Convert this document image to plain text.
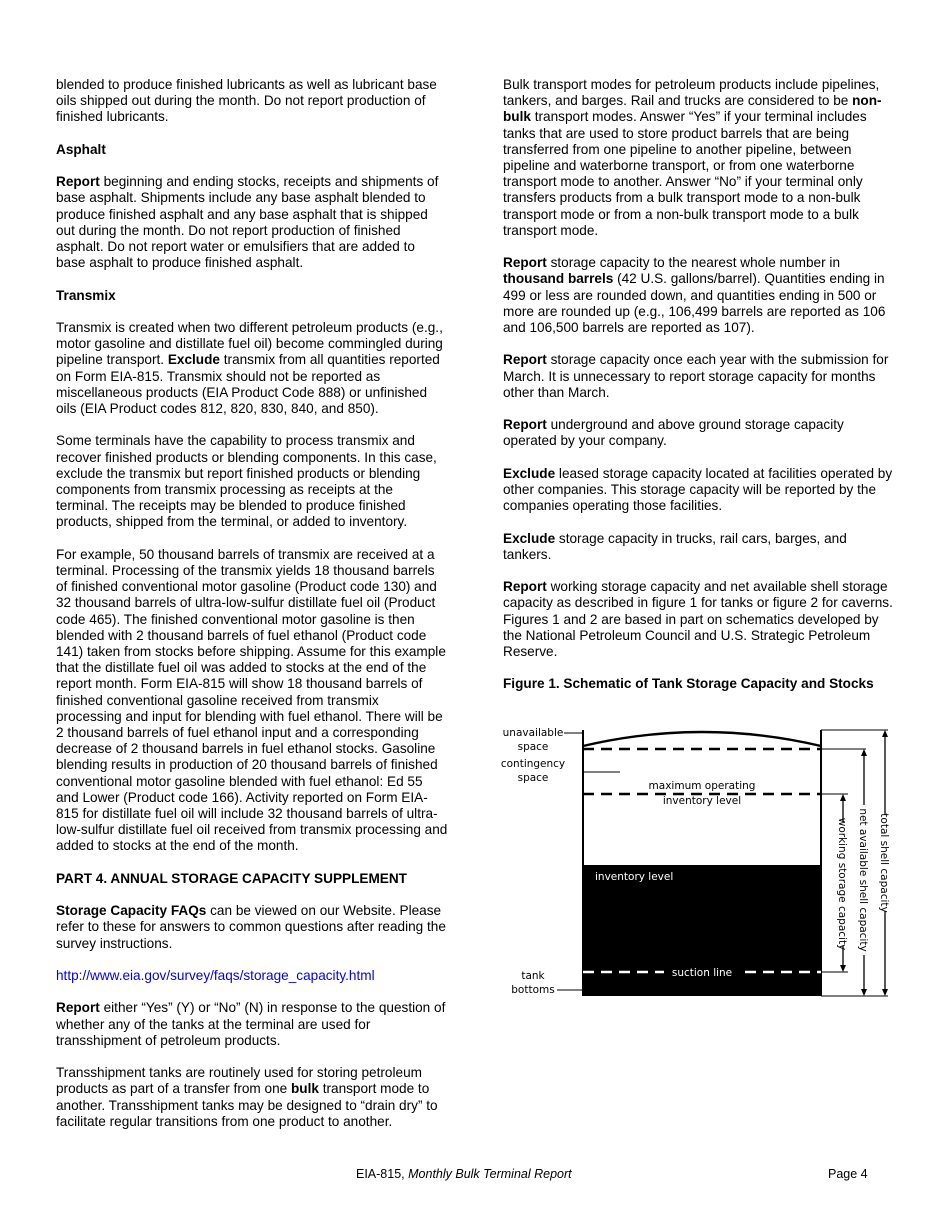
blended to produce finished lubricants as well as lubricant base oils shipped out during the month. Do not report production of finished lubricants.

Asphalt

Report beginning and ending stocks, receipts and shipments of base asphalt. Shipments include any base asphalt blended to produce finished asphalt and any base asphalt that is shipped out during the month. Do not report production of finished asphalt. Do not report water or emulsifiers that are added to base asphalt to produce finished asphalt.

Transmix

Transmix is created when two different petroleum products (e.g., motor gasoline and distillate fuel oil) become commingled during pipeline transport. Exclude transmix from all quantities reported on Form EIA-815. Transmix should not be reported as miscellaneous products (EIA Product Code 888) or unfinished oils (EIA Product codes 812, 820, 830, 840, and 850).

Some terminals have the capability to process transmix and recover finished products or blending components. In this case, exclude the transmix but report finished products or blending components from transmix processing as receipts at the terminal. The receipts may be blended to produce finished products, shipped from the terminal, or added to inventory.

For example, 50 thousand barrels of transmix are received at a terminal. Processing of the transmix yields 18 thousand barrels of finished conventional motor gasoline (Product code 130) and 32 thousand barrels of ultra-low-sulfur distillate fuel oil (Product code 465). The finished conventional motor gasoline is then blended with 2 thousand barrels of fuel ethanol (Product code 141) taken from stocks before shipping. Assume for this example that the distillate fuel oil was added to stocks at the end of the report month. Form EIA-815 will show 18 thousand barrels of finished conventional gasoline received from transmix processing and input for blending with fuel ethanol. There will be 2 thousand barrels of fuel ethanol input and a corresponding decrease of 2 thousand barrels in fuel ethanol stocks. Gasoline blending results in production of 20 thousand barrels of finished conventional motor gasoline blended with fuel ethanol: Ed 55 and Lower (Product code 166). Activity reported on Form EIA-815 for distillate fuel oil will include 32 thousand barrels of ultra-low-sulfur distillate fuel oil received from transmix processing and added to stocks at the end of the month.

PART 4. ANNUAL STORAGE CAPACITY SUPPLEMENT

Storage Capacity FAQs can be viewed on our Website. Please refer to these for answers to common questions after reading the survey instructions.

http://www.eia.gov/survey/faqs/storage_capacity.html

Report either “Yes” (Y) or “No” (N) in response to the question of whether any of the tanks at the terminal are used for transshipment of petroleum products.

Transshipment tanks are routinely used for storing petroleum products as part of a transfer from one bulk transport mode to another. Transshipment tanks may be designed to “drain dry” to facilitate regular transitions from one product to another.

Bulk transport modes for petroleum products include pipelines, tankers, and barges. Rail and trucks are considered to be non-bulk transport modes. Answer “Yes” if your terminal includes tanks that are used to store product barrels that are being transferred from one pipeline to another pipeline, between pipeline and waterborne transport, or from one waterborne transport mode to another. Answer “No” if your terminal only transfers products from a bulk transport mode to a non-bulk transport mode or from a non-bulk transport mode to a bulk transport mode.

Report storage capacity to the nearest whole number in thousand barrels (42 U.S. gallons/barrel). Quantities ending in 499 or less are rounded down, and quantities ending in 500 or more are rounded up (e.g., 106,499 barrels are reported as 106 and 106,500 barrels are reported as 107).

Report storage capacity once each year with the submission for March. It is unnecessary to report storage capacity for months other than March.

Report underground and above ground storage capacity operated by your company.

Exclude leased storage capacity located at facilities operated by other companies. This storage capacity will be reported by the companies operating those facilities.

Exclude storage capacity in trucks, rail cars, barges, and tankers.

Report working storage capacity and net available shell storage capacity as described in figure 1 for tanks or figure 2 for caverns. Figures 1 and 2 are based in part on schematics developed by the National Petroleum Council and U.S. Strategic Petroleum Reserve.

Figure 1. Schematic of Tank Storage Capacity and Stocks

unavailable
space
contingency
space
tank
bottoms
maximum operating
inventory level
inventory level
suction line
working storage capacity net available shell capacity total shell capacity
EIA-815, Monthly Bulk Terminal Report	Page 4
